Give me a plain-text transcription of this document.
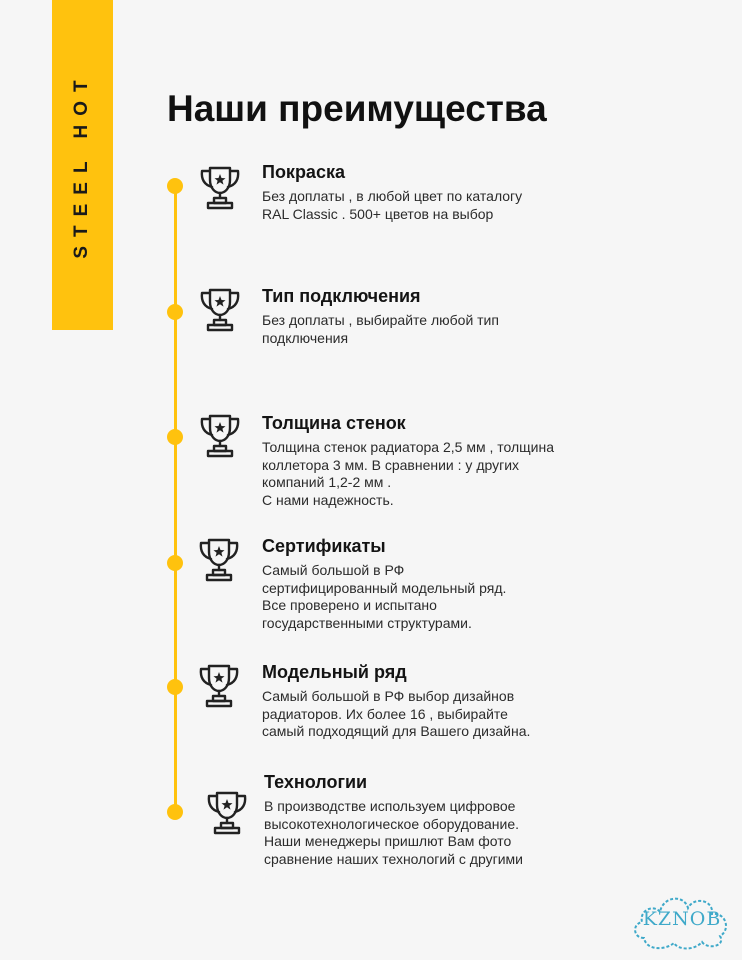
STEEL HOT Наши преимущества
Покраска
Без доплаты , в любой цвет по каталогу
RAL Classic . 500+ цветов на выбор
Тип подключения
Без доплаты , выбирайте любой тип
подключения
Толщина стенок
Толщина стенок радиатора 2,5 мм , толщина
коллетора 3 мм. В сравнении : у других
компаний 1,2-2 мм .
С нами надежность.
Сертификаты
Самый большой в РФ
сертифицированный модельный ряд.
Все проверено и испытано
государственными структурами.
Модельный ряд
Самый большой в РФ выбор дизайнов
радиаторов. Их более 16 , выбирайте
самый подходящий для Вашего дизайна.
Технологии
В производстве используем цифровое
высокотехнологическое оборудование.
Наши менеджеры пришлют Вам фото
сравнение наших технологий с другими
KZNOB
